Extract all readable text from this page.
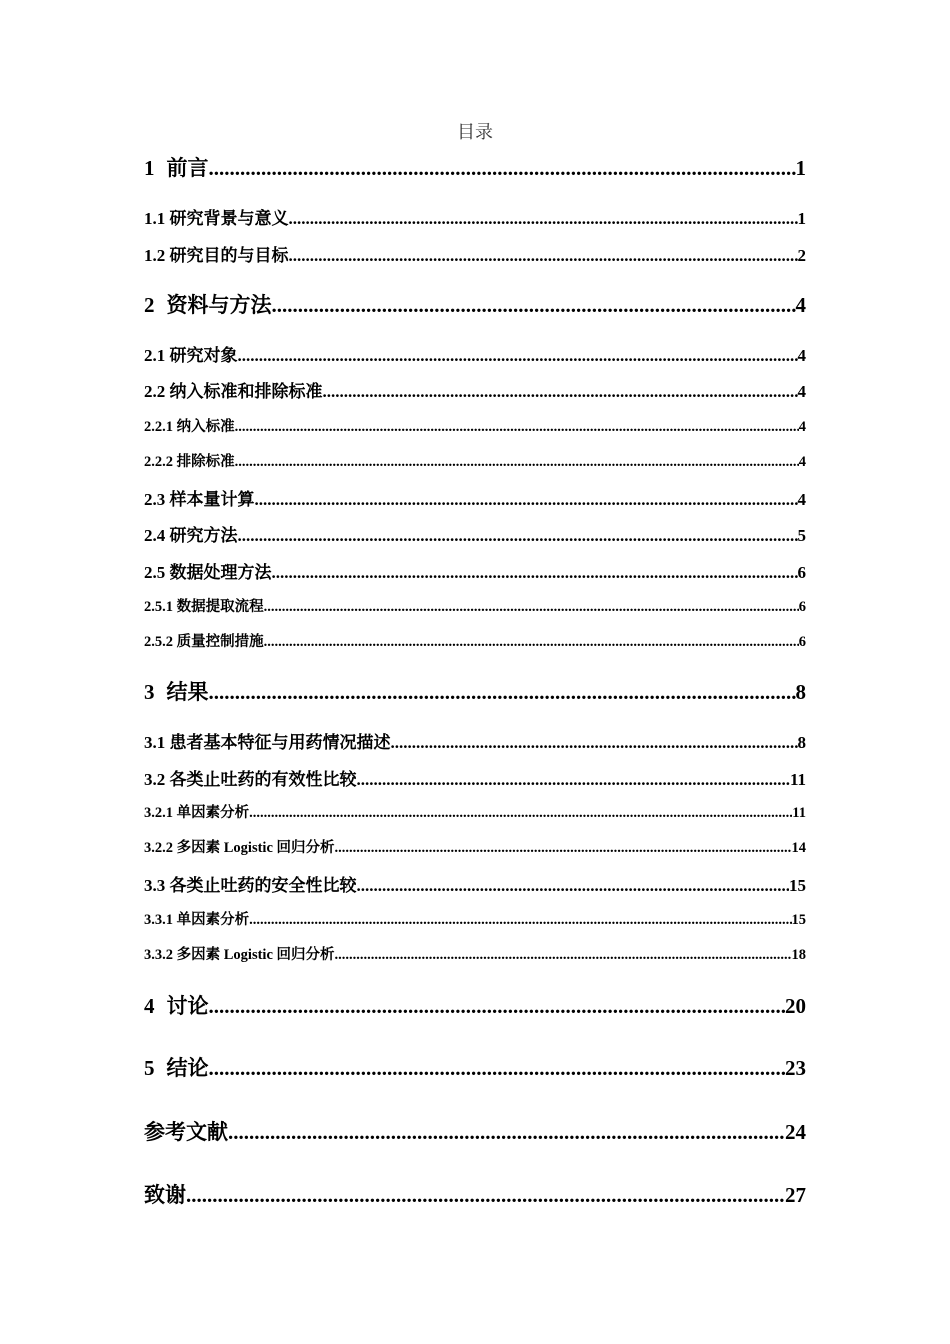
目录
1 前言 .....	1
1.1 研究背景与意义 .....	1
1.2 研究目的与目标 .....	2
2 资料与方法 .....	4
2.1 研究对象 .....	4
2.2 纳入标准和排除标准 .....	4
2.2.1 纳入标准 .....	4
2.2.2 排除标准 .....	4
2.3 样本量计算 .....	4
2.4 研究方法 .....	5
2.5 数据处理方法 .....	6
2.5.1 数据提取流程 .....	6
2.5.2 质量控制措施 .....	6
3 结果 .....	8
3.1 患者基本特征与用药情况描述 .....	8
3.2 各类止吐药的有效性比较 .....	11
3.2.1 单因素分析 .....	11
3.2.2 多因素 Logistic 回归分析 .....	14
3.3 各类止吐药的安全性比较 .....	15
3.3.1 单因素分析 .....	15
3.3.2 多因素 Logistic 回归分析 .....	18
4 讨论 .....	20
5 结论 .....	23
参考文献 .....	24
致谢 .....	27
